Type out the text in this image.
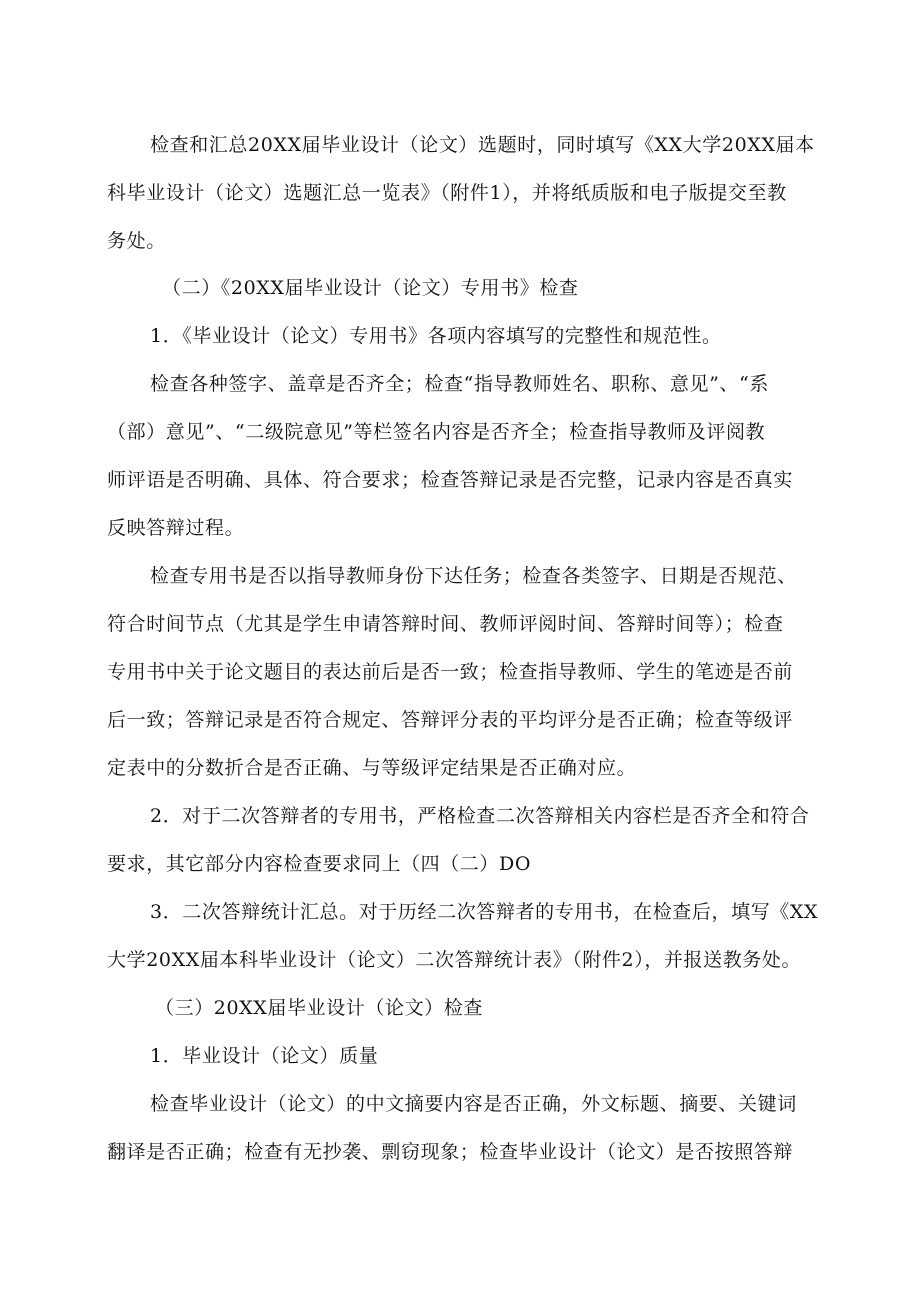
检查和汇总20XX届毕业设计（论文）选题时，同时填写《XX大学20XX届本
科毕业设计（论文）选题汇总一览表》（附件1），并将纸质版和电子版提交至教
务处。
（二）《20XX届毕业设计（论文）专用书》检查
1．《毕业设计（论文）专用书》各项内容填写的完整性和规范性。
检查各种签字、盖章是否齐全；检查“指导教师姓名、职称、意见”、“系
（部）意见”、“二级院意见”等栏签名内容是否齐全；检查指导教师及评阅教
师评语是否明确、具体、符合要求；检查答辩记录是否完整，记录内容是否真实
反映答辩过程。
检查专用书是否以指导教师身份下达任务；检查各类签字、日期是否规范、
符合时间节点（尤其是学生申请答辩时间、教师评阅时间、答辩时间等）；检查
专用书中关于论文题目的表达前后是否一致；检查指导教师、学生的笔迹是否前
后一致；答辩记录是否符合规定、答辩评分表的平均评分是否正确；检查等级评
定表中的分数折合是否正确、与等级评定结果是否正确对应。
2．对于二次答辩者的专用书，严格检查二次答辩相关内容栏是否齐全和符合
要求，其它部分内容检查要求同上（四（二）DO
3．二次答辩统计汇总。对于历经二次答辩者的专用书，在检查后，填写《XX
大学20XX届本科毕业设计（论文）二次答辩统计表》（附件2），并报送教务处。
（三）20XX届毕业设计（论文）检查
1．毕业设计（论文）质量
检查毕业设计（论文）的中文摘要内容是否正确，外文标题、摘要、关键词
翻译是否正确；检查有无抄袭、剽窃现象；检查毕业设计（论文）是否按照答辩
